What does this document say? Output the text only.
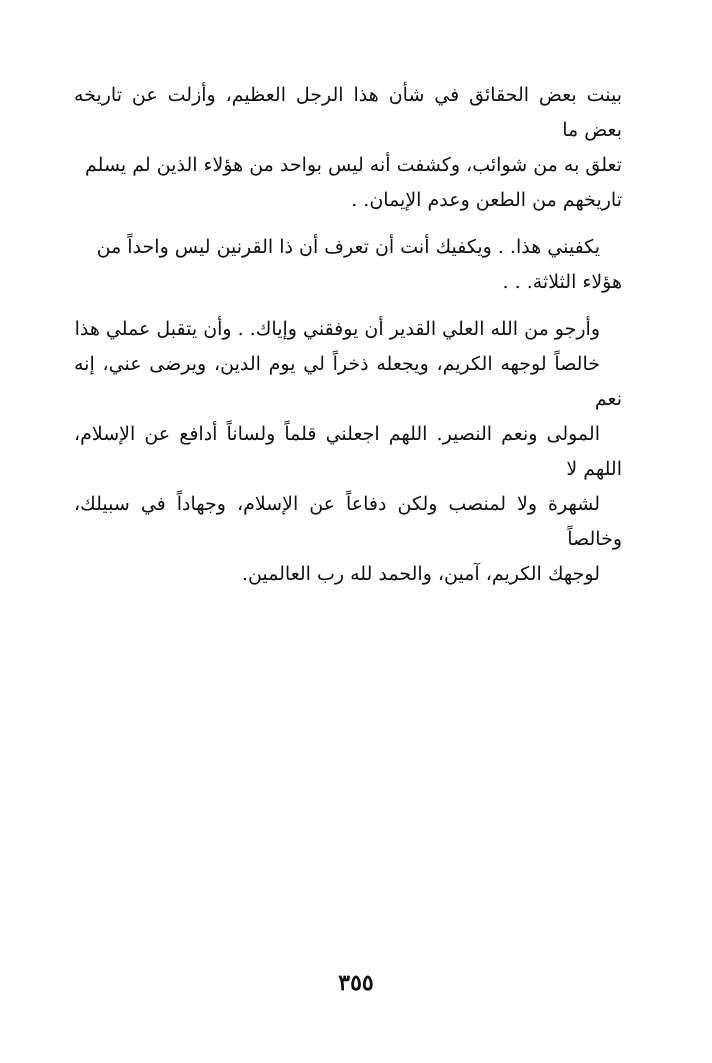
بينت بعض الحقائق في شأن هذا الرجل العظيم، وأزلت عن تاريخه بعض ما
تعلق به من شوائب، وكشفت أنه ليس بواحد من هؤلاء الذين لم يسلم
تاريخهم من الطعن وعدم الإيمان. .

يكفيني هذا. . ويكفيك أنت أن تعرف أن ذا القرنين ليس واحداً من
هؤلاء الثلاثة. . .

وأرجو من الله العلي القدير أن يوفقني وإياك. . وأن يتقبل عملي هذا
خالصاً لوجهه الكريم، ويجعله ذخراً لي يوم الدين، ويرضى عني، إنه نعم
المولى ونعم النصير. اللهم اجعلني قلماً ولساناً أدافع عن الإسلام، اللهم لا
لشهرة ولا لمنصب ولكن دفاعاً عن الإسلام، وجهاداً في سبيلك، وخالصاً
لوجهك الكريم، آمين، والحمد لله رب العالمين.

٣٥٥
